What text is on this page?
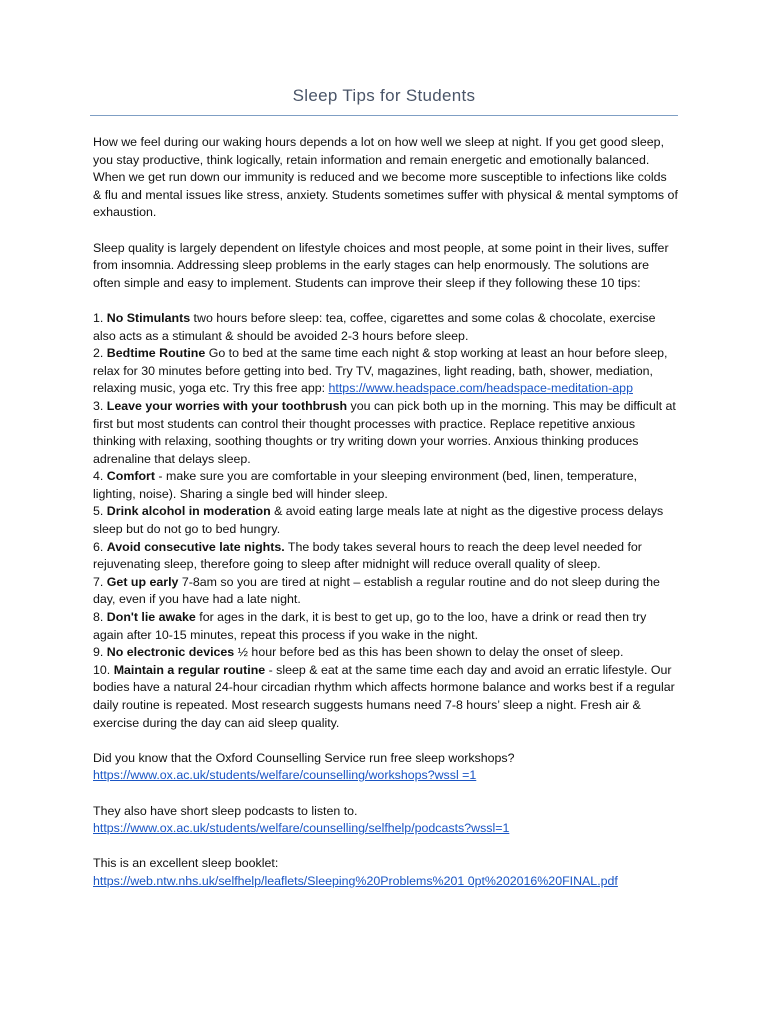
Sleep Tips for Students

How we feel during our waking hours depends a lot on how well we sleep at night. If you get good sleep, you stay productive, think logically, retain information and remain energetic and emotionally balanced. When we get run down our immunity is reduced and we become more susceptible to infections like colds & flu and mental issues like stress, anxiety. Students sometimes suffer with physical & mental symptoms of exhaustion.

Sleep quality is largely dependent on lifestyle choices and most people, at some point in their lives, suffer from insomnia. Addressing sleep problems in the early stages can help enormously. The solutions are often simple and easy to implement. Students can improve their sleep if they following these 10 tips:

1. No Stimulants two hours before sleep: tea, coffee, cigarettes and some colas & chocolate, exercise also acts as a stimulant & should be avoided 2-3 hours before sleep.

2. Bedtime Routine Go to bed at the same time each night & stop working at least an hour before sleep, relax for 30 minutes before getting into bed. Try TV, magazines, light reading, bath, shower, mediation, relaxing music, yoga etc. Try this free app: https://www.headspace.com/headspace-meditation-app

3. Leave your worries with your toothbrush you can pick both up in the morning. This may be difficult at first but most students can control their thought processes with practice. Replace repetitive anxious thinking with relaxing, soothing thoughts or try writing down your worries. Anxious thinking produces adrenaline that delays sleep.

4. Comfort - make sure you are comfortable in your sleeping environment (bed, linen, temperature, lighting, noise). Sharing a single bed will hinder sleep.

5. Drink alcohol in moderation & avoid eating large meals late at night as the digestive process delays sleep but do not go to bed hungry.

6. Avoid consecutive late nights. The body takes several hours to reach the deep level needed for rejuvenating sleep, therefore going to sleep after midnight will reduce overall quality of sleep.

7. Get up early 7-8am so you are tired at night – establish a regular routine and do not sleep during the day, even if you have had a late night.

8. Don't lie awake for ages in the dark, it is best to get up, go to the loo, have a drink or read then try again after 10-15 minutes, repeat this process if you wake in the night.

9. No electronic devices ½ hour before bed as this has been shown to delay the onset of sleep.

10. Maintain a regular routine - sleep & eat at the same time each day and avoid an erratic lifestyle. Our bodies have a natural 24-hour circadian rhythm which affects hormone balance and works best if a regular daily routine is repeated. Most research suggests humans need 7-8 hours’ sleep a night. Fresh air & exercise during the day can aid sleep quality.

Did you know that the Oxford Counselling Service run free sleep workshops?
https://www.ox.ac.uk/students/welfare/counselling/workshops?wssl =1
They also have short sleep podcasts to listen to.
https://www.ox.ac.uk/students/welfare/counselling/selfhelp/podcasts?wssl=1
This is an excellent sleep booklet:
https://web.ntw.nhs.uk/selfhelp/leaflets/Sleeping%20Problems%201 0pt%202016%20FINAL.pdf
